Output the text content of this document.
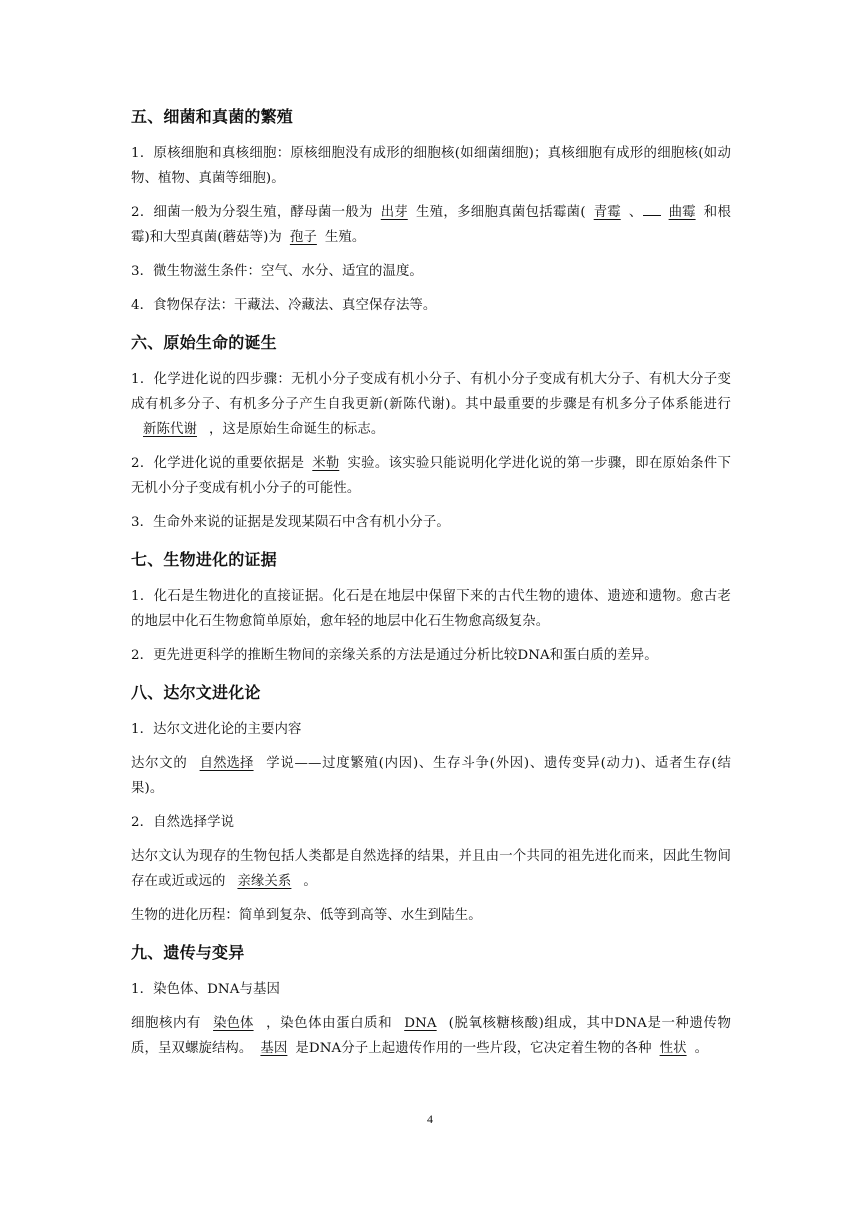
五、细菌和真菌的繁殖

1．原核细胞和真核细胞：原核细胞没有成形的细胞核(如细菌细胞)；真核细胞有成形的细胞核(如动物、植物、真菌等细胞)。

2．细菌一般为分裂生殖，酵母菌一般为 出芽 生殖，多细胞真菌包括霉菌( 青霉 、 曲霉 和根霉)和大型真菌(蘑菇等)为 孢子 生殖。

3．微生物滋生条件：空气、水分、适宜的温度。

4．食物保存法：干藏法、冷藏法、真空保存法等。

六、原始生命的诞生

1．化学进化说的四步骤：无机小分子变成有机小分子、有机小分子变成有机大分子、有机大分子变成有机多分子、有机多分子产生自我更新(新陈代谢)。其中最重要的步骤是有机多分子体系能进行新陈代谢 ，这是原始生命诞生的标志。

2．化学进化说的重要依据是 米勒 实验。该实验只能说明化学进化说的第一步骤，即在原始条件下无机小分子变成有机小分子的可能性。

3．生命外来说的证据是发现某陨石中含有机小分子。

七、生物进化的证据

1．化石是生物进化的直接证据。化石是在地层中保留下来的古代生物的遗体、遗迹和遗物。愈古老的地层中化石生物愈简单原始，愈年轻的地层中化石生物愈高级复杂。

2．更先进更科学的推断生物间的亲缘关系的方法是通过分析比较DNA和蛋白质的差异。

八、达尔文进化论

1．达尔文进化论的主要内容

达尔文的 自然选择 学说——过度繁殖(内因)、生存斗争(外因)、遗传变异(动力)、适者生存(结果)。

2．自然选择学说

达尔文认为现存的生物包括人类都是自然选择的结果，并且由一个共同的祖先进化而来，因此生物间存在或近或远的 亲缘关系 。

生物的进化历程：简单到复杂、低等到高等、水生到陆生。

九、遗传与变异

1．染色体、DNA与基因

细胞核内有 染色体 ，染色体由蛋白质和 DNA (脱氧核糖核酸)组成，其中DNA是一种遗传物质，呈双螺旋结构。 基因 是DNA分子上起遗传作用的一些片段，它决定着生物的各种 性状 。

4
